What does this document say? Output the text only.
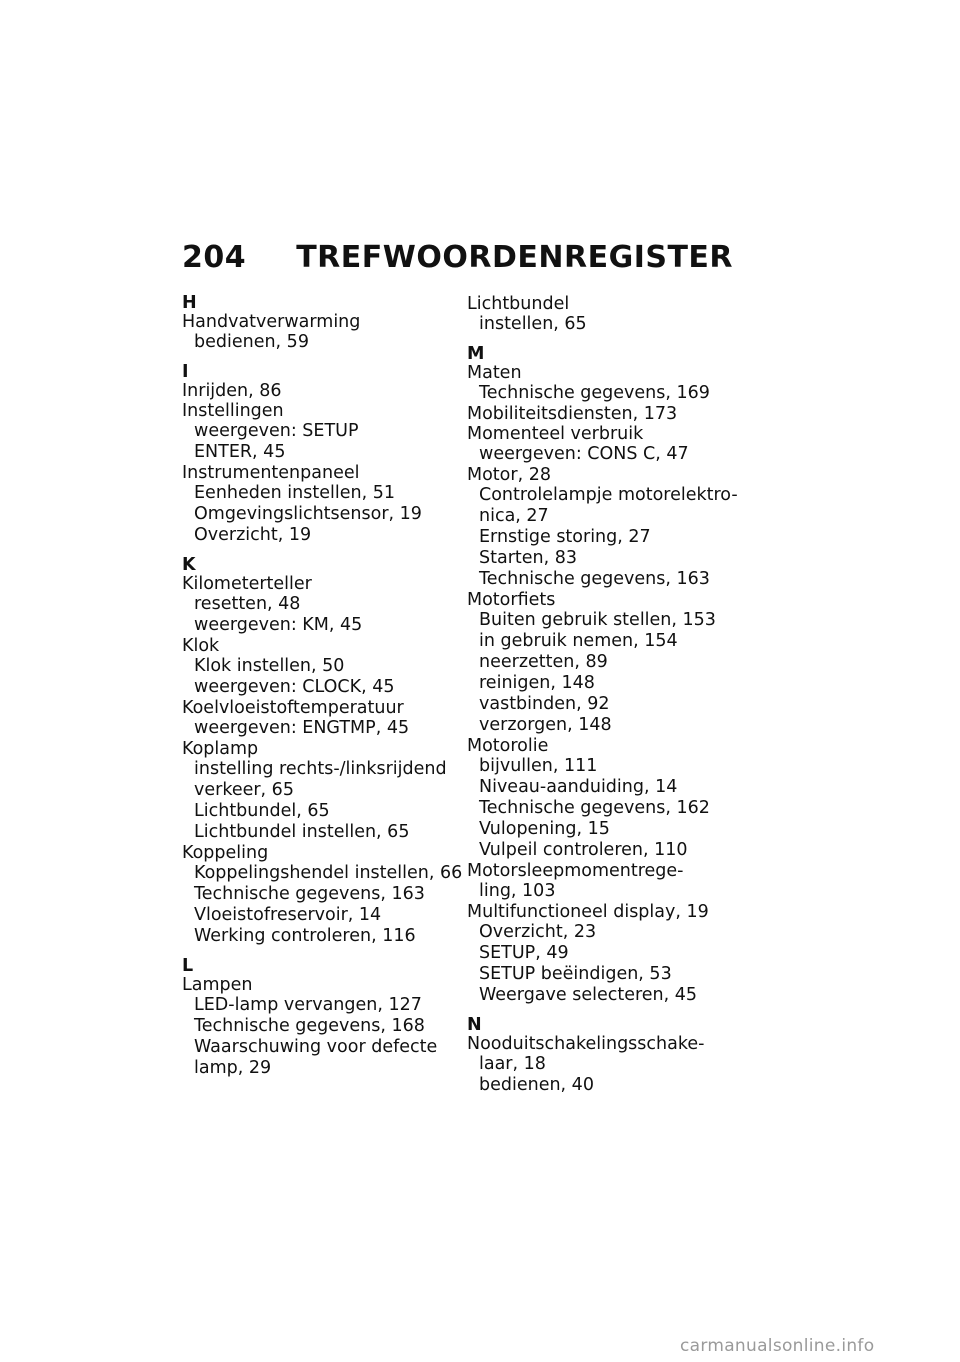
204 TREFWOORDENREGISTER
H
Handvatverwarming
bedienen, 59
I
Inrijden, 86
Instellingen
weergeven: SETUP
ENTER, 45
Instrumentenpaneel
Eenheden instellen, 51
Omgevingslichtsensor, 19
Overzicht, 19
K
Kilometerteller
resetten, 48
weergeven: KM, 45
Klok
Klok instellen, 50
weergeven: CLOCK, 45
Koelvloeistoftemperatuur
weergeven: ENGTMP, 45
Koplamp
instelling rechts-/linksrijdend
verkeer, 65
Lichtbundel, 65
Lichtbundel instellen, 65
Koppeling
Koppelingshendel instellen, 66
Technische gegevens, 163
Vloeistofreservoir, 14
Werking controleren, 116
L
Lampen
LED-lamp vervangen, 127
Technische gegevens, 168
Waarschuwing voor defecte
lamp, 29
Lichtbundel
instellen, 65
M
Maten
Technische gegevens, 169
Mobiliteitsdiensten, 173
Momenteel verbruik
weergeven: CONS C, 47
Motor, 28
Controlelampje motorelektro-
nica, 27
Ernstige storing, 27
Starten, 83
Technische gegevens, 163
Motorfiets
Buiten gebruik stellen, 153
in gebruik nemen, 154
neerzetten, 89
reinigen, 148
vastbinden, 92
verzorgen, 148
Motorolie
bijvullen, 111
Niveau-aanduiding, 14
Technische gegevens, 162
Vulopening, 15
Vulpeil controleren, 110
Motorsleepmomentrege-
ling, 103
Multifunctioneel display, 19
Overzicht, 23
SETUP, 49
SETUP beëindigen, 53
Weergave selecteren, 45
N
Nooduitschakelingsschake-
laar, 18
bedienen, 40
carmanualsonline.info
